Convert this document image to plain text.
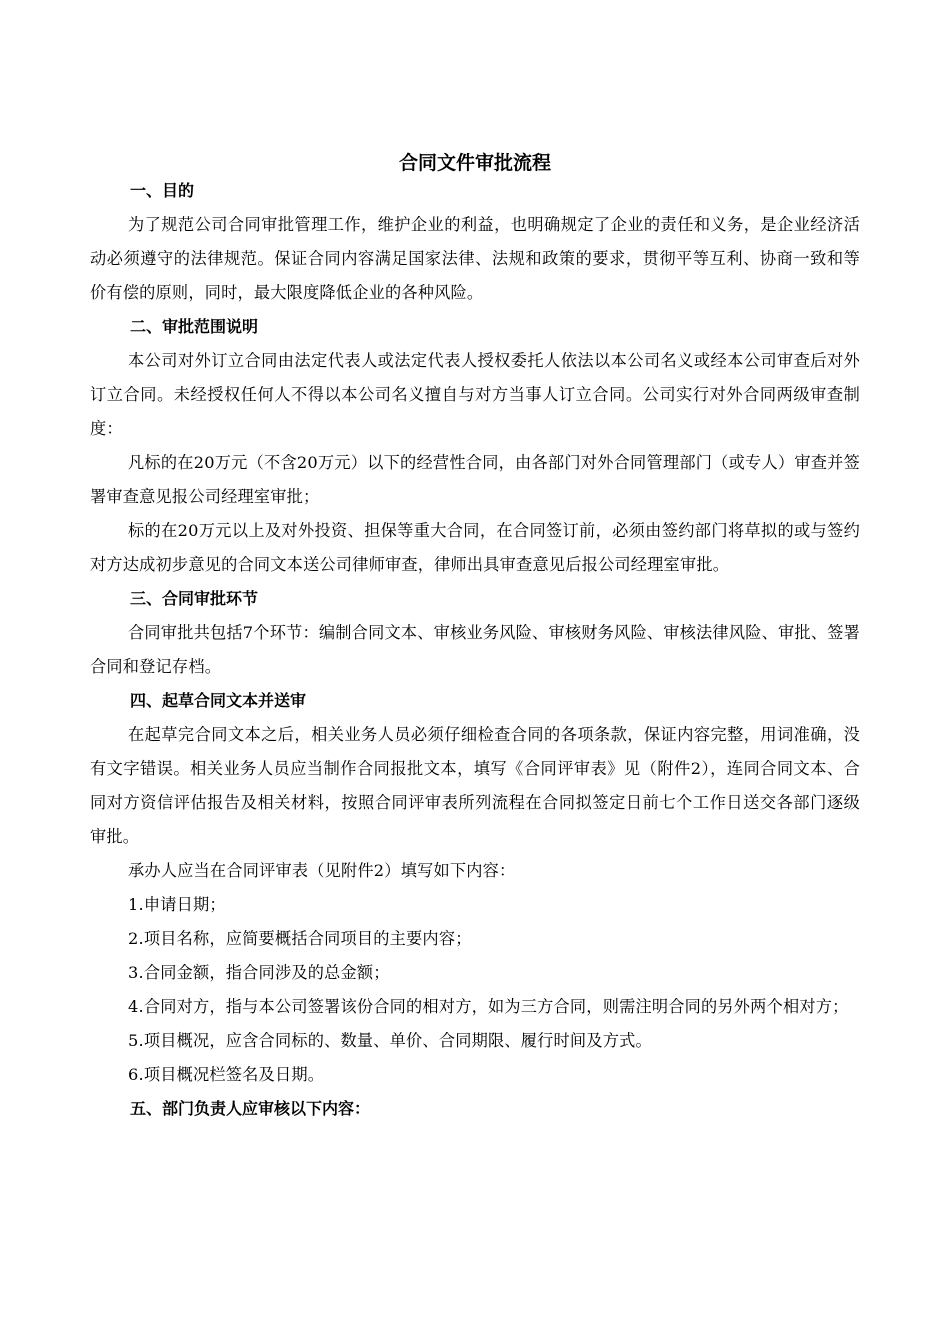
合同文件审批流程

一、目的

为了规范公司合同审批管理工作，维护企业的利益，也明确规定了企业的责任和义务，是企业经济活动必须遵守的法律规范。保证合同内容满足国家法律、法规和政策的要求，贯彻平等互利、协商一致和等价有偿的原则，同时，最大限度降低企业的各种风险。

二、审批范围说明

本公司对外订立合同由法定代表人或法定代表人授权委托人依法以本公司名义或经本公司审查后对外订立合同。未经授权任何人不得以本公司名义擅自与对方当事人订立合同。公司实行对外合同两级审查制度：

凡标的在20万元（不含20万元）以下的经营性合同，由各部门对外合同管理部门（或专人）审查并签署审查意见报公司经理室审批；

标的在20万元以上及对外投资、担保等重大合同，在合同签订前，必须由签约部门将草拟的或与签约对方达成初步意见的合同文本送公司律师审查，律师出具审查意见后报公司经理室审批。

三、合同审批环节

合同审批共包括7个环节：编制合同文本、审核业务风险、审核财务风险、审核法律风险、审批、签署合同和登记存档。

四、起草合同文本并送审

在起草完合同文本之后，相关业务人员必须仔细检查合同的各项条款，保证内容完整，用词准确，没有文字错误。相关业务人员应当制作合同报批文本，填写《合同评审表》见（附件2），连同合同文本、合同对方资信评估报告及相关材料，按照合同评审表所列流程在合同拟签定日前七个工作日送交各部门逐级审批。

承办人应当在合同评审表（见附件2）填写如下内容：

1.申请日期；

2.项目名称，应简要概括合同项目的主要内容；

3.合同金额，指合同涉及的总金额；

4.合同对方，指与本公司签署该份合同的相对方，如为三方合同，则需注明合同的另外两个相对方；

5.项目概况，应含合同标的、数量、单价、合同期限、履行时间及方式。

6.项目概况栏签名及日期。

五、部门负责人应审核以下内容：
